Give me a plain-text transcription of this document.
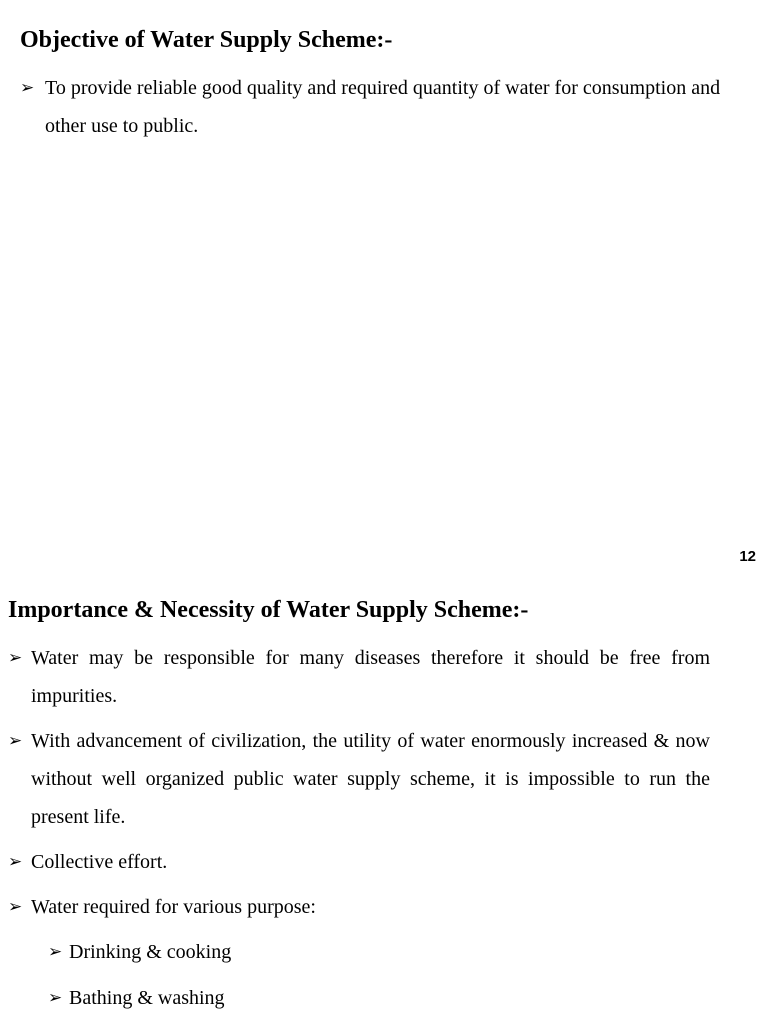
Objective of Water Supply Scheme:-
➢ To provide reliable good quality and required quantity of water for consumption and other use to public.
12
Importance & Necessity of Water Supply Scheme:-
➢ Water may be responsible for many diseases therefore it should be free from impurities.
➢ With advancement of civilization, the utility of water enormously increased & now without well organized public water supply scheme, it is impossible to run the present life.
➢ Collective effort.
➢ Water required for various purpose:
➢ Drinking & cooking
➢ Bathing & washing
